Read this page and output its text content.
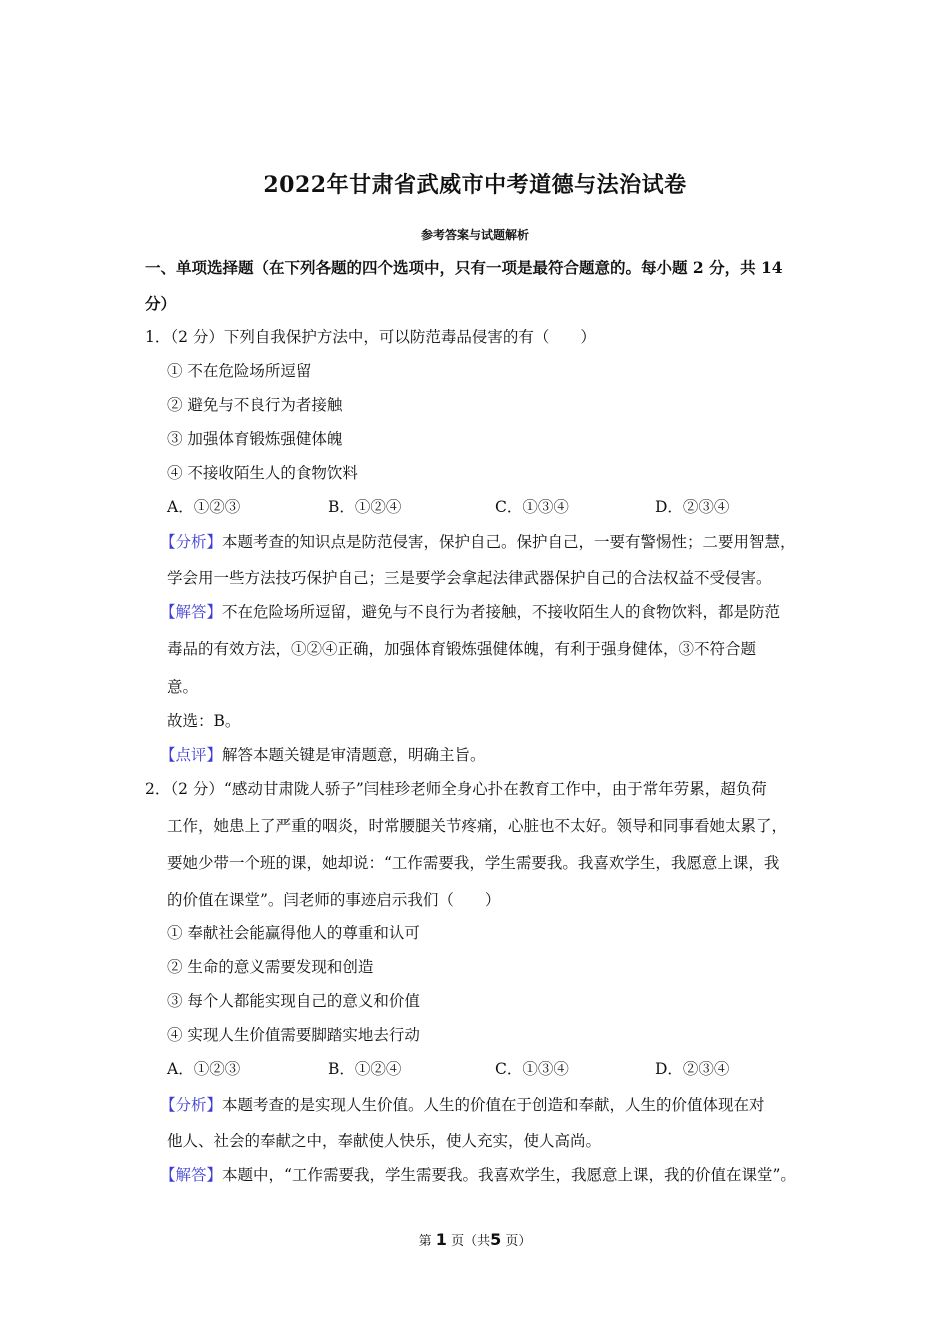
2022年甘肃省武威市中考道德与法治试卷
参考答案与试题解析
一、单项选择题（在下列各题的四个选项中，只有一项是最符合题意的。每小题 2 分，共 14
分）
1．（2 分）下列自我保护方法中，可以防范毒品侵害的有（　　）
① 不在危险场所逗留
② 避免与不良行为者接触
③ 加强体育锻炼强健体魄
④ 不接收陌生人的食物饮料
A．①②③	B．①②④	C．①③④	D．②③④
【分析】本题考查的知识点是防范侵害，保护自己。保护自己，一要有警惕性；二要用智慧，
学会用一些方法技巧保护自己；三是要学会拿起法律武器保护自己的合法权益不受侵害。
【解答】不在危险场所逗留，避免与不良行为者接触，不接收陌生人的食物饮料，都是防范
毒品的有效方法，①②④正确，加强体育锻炼强健体魄，有利于强身健体，③不符合题
意。
故选：B。
【点评】解答本题关键是审清题意，明确主旨。
2．（2 分）“感动甘肃陇人骄子”闫桂珍老师全身心扑在教育工作中，由于常年劳累，超负荷
工作，她患上了严重的咽炎，时常腰腿关节疼痛，心脏也不太好。领导和同事看她太累了，
要她少带一个班的课，她却说：“工作需要我，学生需要我。我喜欢学生，我愿意上课，我
的价值在课堂”。闫老师的事迹启示我们（　　）
① 奉献社会能赢得他人的尊重和认可
② 生命的意义需要发现和创造
③ 每个人都能实现自己的意义和价值
④ 实现人生价值需要脚踏实地去行动
A．①②③	B．①②④	C．①③④	D．②③④
【分析】本题考查的是实现人生价值。人生的价值在于创造和奉献，人生的价值体现在对
他人、社会的奉献之中，奉献使人快乐，使人充实，使人高尚。
【解答】本题中，“工作需要我，学生需要我。我喜欢学生，我愿意上课，我的价值在课堂”。
第 1 页（共5 页）
